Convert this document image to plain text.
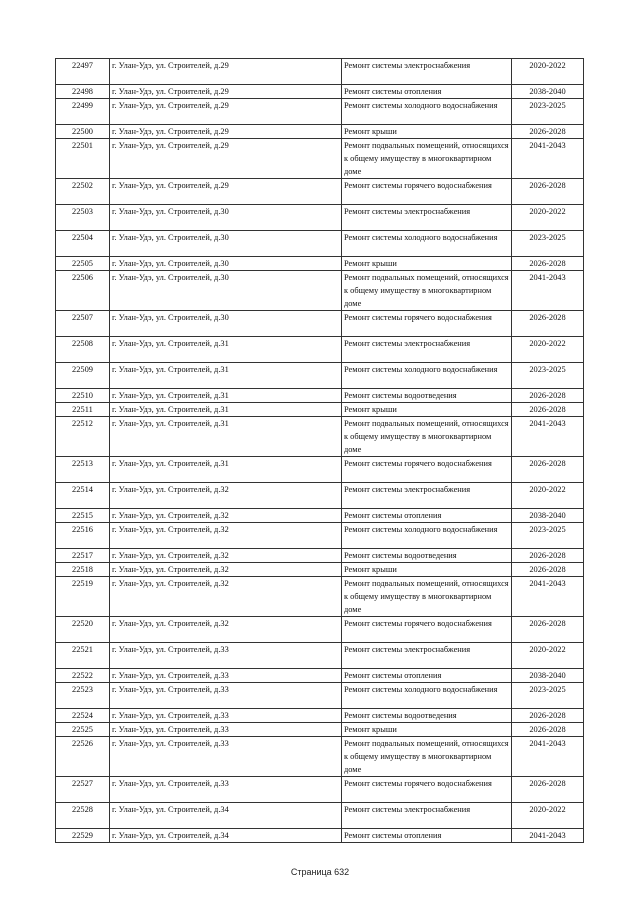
22497	г. Улан-Удэ, ул. Строителей, д.29	Ремонт системы электроснабжения	2020-2022
22498	г. Улан-Удэ, ул. Строителей, д.29	Ремонт системы отопления	2038-2040
22499	г. Улан-Удэ, ул. Строителей, д.29	Ремонт системы холодного водоснабжения	2023-2025
22500	г. Улан-Удэ, ул. Строителей, д.29	Ремонт крыши	2026-2028
22501	г. Улан-Удэ, ул. Строителей, д.29	Ремонт подвальных помещений, относящихся к общему имуществу в многоквартирном доме	2041-2043
22502	г. Улан-Удэ, ул. Строителей, д.29	Ремонт системы горячего водоснабжения	2026-2028
22503	г. Улан-Удэ, ул. Строителей, д.30	Ремонт системы электроснабжения	2020-2022
22504	г. Улан-Удэ, ул. Строителей, д.30	Ремонт системы холодного водоснабжения	2023-2025
22505	г. Улан-Удэ, ул. Строителей, д.30	Ремонт крыши	2026-2028
22506	г. Улан-Удэ, ул. Строителей, д.30	Ремонт подвальных помещений, относящихся к общему имуществу в многоквартирном доме	2041-2043
22507	г. Улан-Удэ, ул. Строителей, д.30	Ремонт системы горячего водоснабжения	2026-2028
22508	г. Улан-Удэ, ул. Строителей, д.31	Ремонт системы электроснабжения	2020-2022
22509	г. Улан-Удэ, ул. Строителей, д.31	Ремонт системы холодного водоснабжения	2023-2025
22510	г. Улан-Удэ, ул. Строителей, д.31	Ремонт системы водоотведения	2026-2028
22511	г. Улан-Удэ, ул. Строителей, д.31	Ремонт крыши	2026-2028
22512	г. Улан-Удэ, ул. Строителей, д.31	Ремонт подвальных помещений, относящихся к общему имуществу в многоквартирном доме	2041-2043
22513	г. Улан-Удэ, ул. Строителей, д.31	Ремонт системы горячего водоснабжения	2026-2028
22514	г. Улан-Удэ, ул. Строителей, д.32	Ремонт системы электроснабжения	2020-2022
22515	г. Улан-Удэ, ул. Строителей, д.32	Ремонт системы отопления	2038-2040
22516	г. Улан-Удэ, ул. Строителей, д.32	Ремонт системы холодного водоснабжения	2023-2025
22517	г. Улан-Удэ, ул. Строителей, д.32	Ремонт системы водоотведения	2026-2028
22518	г. Улан-Удэ, ул. Строителей, д.32	Ремонт крыши	2026-2028
22519	г. Улан-Удэ, ул. Строителей, д.32	Ремонт подвальных помещений, относящихся к общему имуществу в многоквартирном доме	2041-2043
22520	г. Улан-Удэ, ул. Строителей, д.32	Ремонт системы горячего водоснабжения	2026-2028
22521	г. Улан-Удэ, ул. Строителей, д.33	Ремонт системы электроснабжения	2020-2022
22522	г. Улан-Удэ, ул. Строителей, д.33	Ремонт системы отопления	2038-2040
22523	г. Улан-Удэ, ул. Строителей, д.33	Ремонт системы холодного водоснабжения	2023-2025
22524	г. Улан-Удэ, ул. Строителей, д.33	Ремонт системы водоотведения	2026-2028
22525	г. Улан-Удэ, ул. Строителей, д.33	Ремонт крыши	2026-2028
22526	г. Улан-Удэ, ул. Строителей, д.33	Ремонт подвальных помещений, относящихся к общему имуществу в многоквартирном доме	2041-2043
22527	г. Улан-Удэ, ул. Строителей, д.33	Ремонт системы горячего водоснабжения	2026-2028
22528	г. Улан-Удэ, ул. Строителей, д.34	Ремонт системы электроснабжения	2020-2022
22529	г. Улан-Удэ, ул. Строителей, д.34	Ремонт системы отопления	2041-2043
Страница 632
